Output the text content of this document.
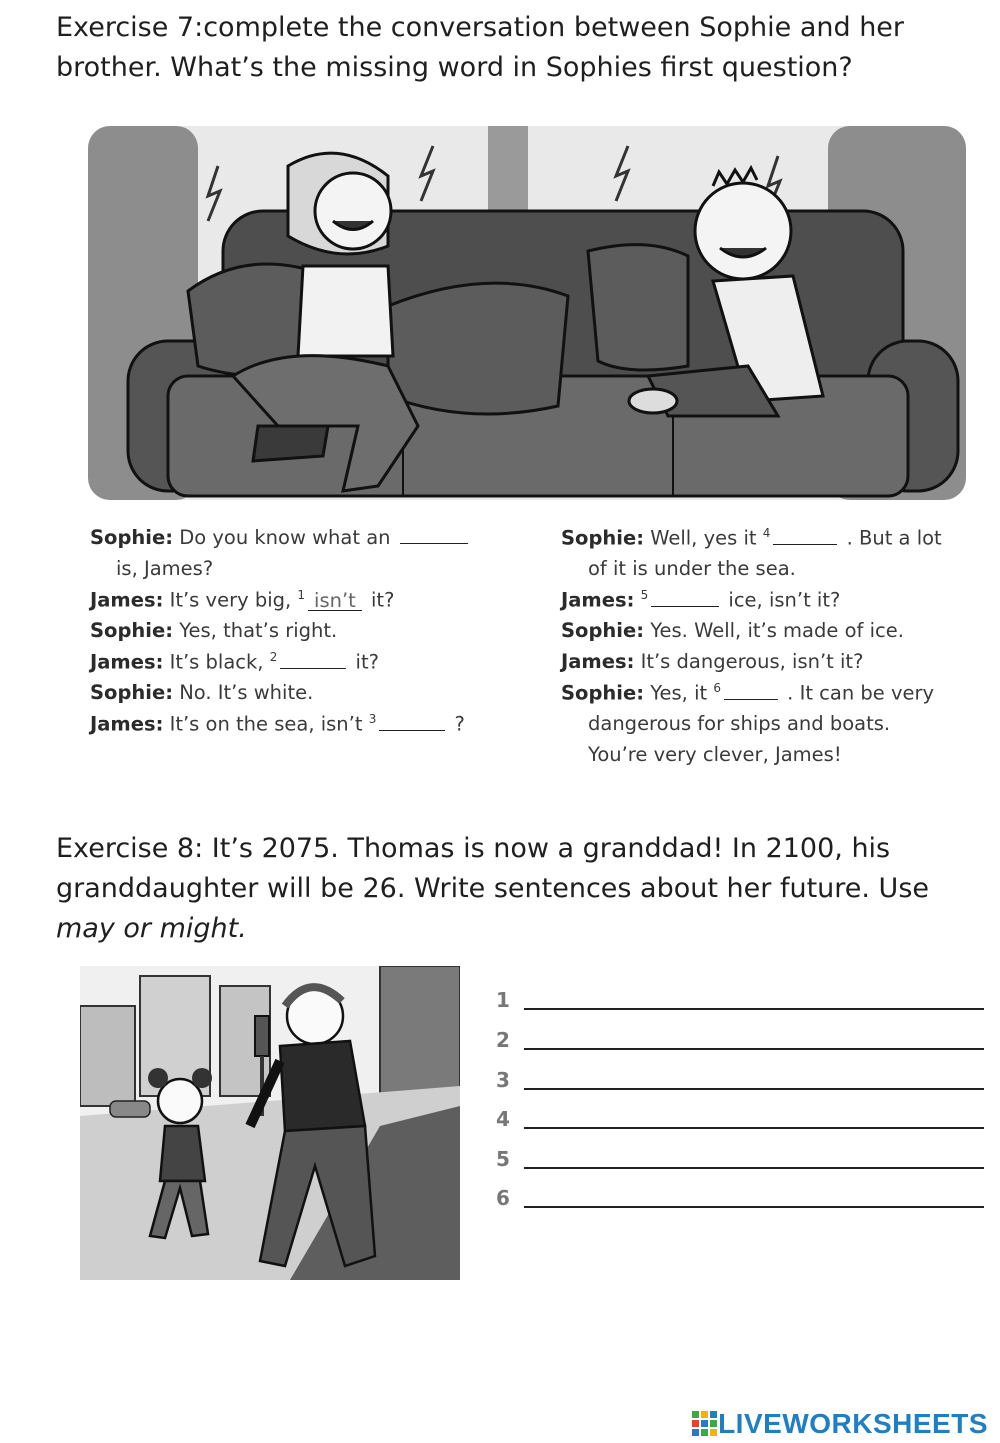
Exercise 7:complete the conversation between Sophie and her brother. What’s the missing word in Sophies first question?
Sophie: Do you know what an
is, James?
James: It’s very big, $^1$ isn’t it?
Sophie: Yes, that’s right.
James: It’s black, $^2$	it?
Sophie: No. It’s white.
James: It’s on the sea, isn’t $^3$	?
Sophie: Well, yes it $^4$	. But a lot
of it is under the sea.
James: $^5$	ice, isn’t it?
Sophie: Yes. Well, it’s made of ice.
James: It’s dangerous, isn’t it?
Sophie: Yes, it $^6$	. It can be very
dangerous for ships and boats.
You’re very clever, James!
Exercise 8: It’s 2075. Thomas is now a granddad! In 2100, his granddaughter will be 26. Write sentences about her future. Use may or might.
1
2
3
4
5
6
LIVEWORKSHEETS
